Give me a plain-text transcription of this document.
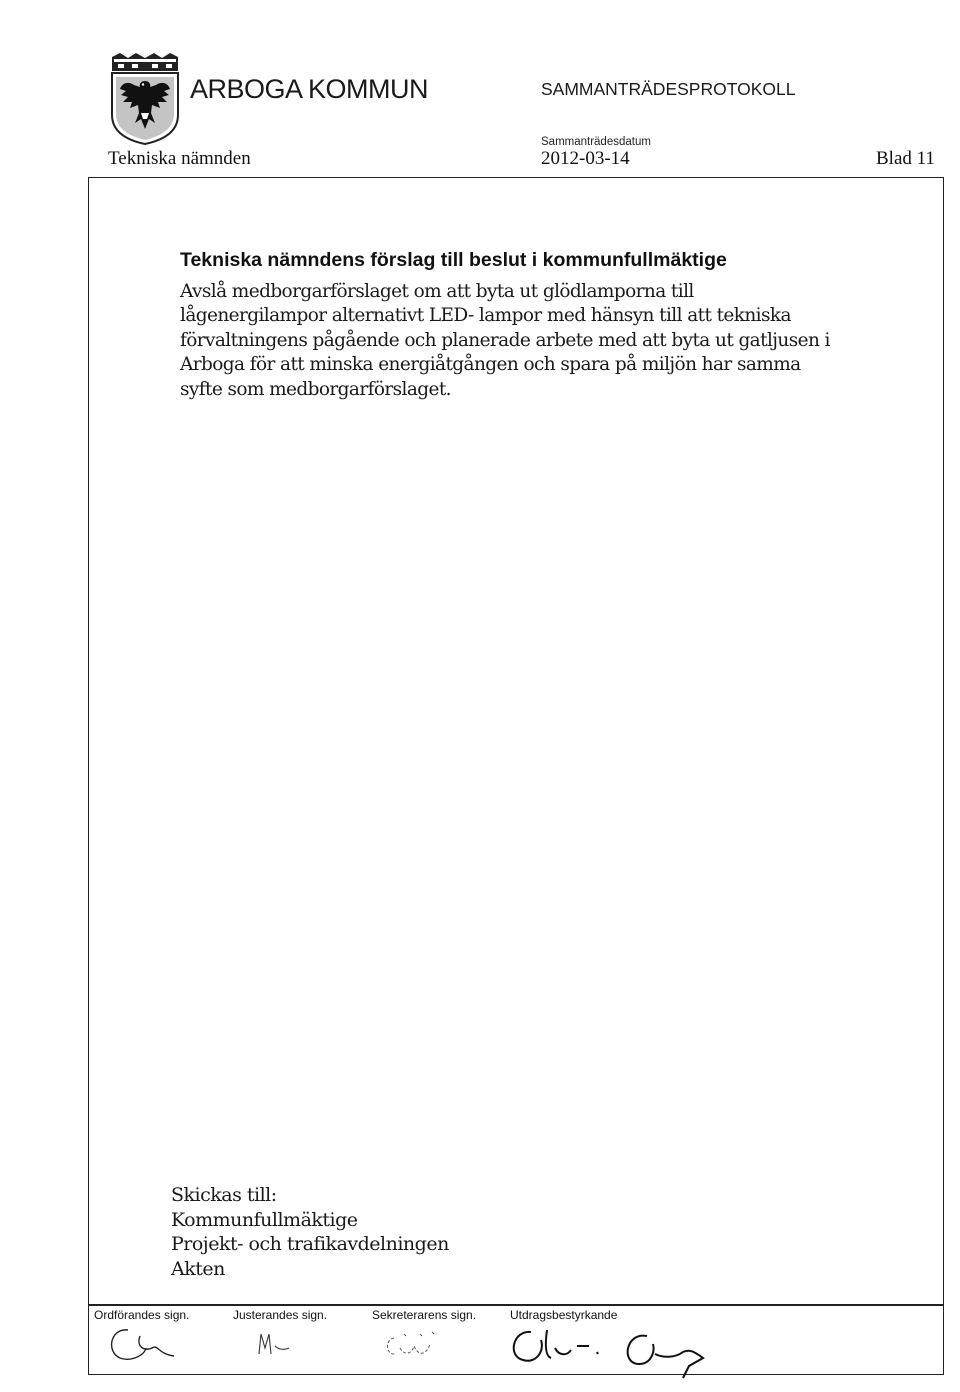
ARBOGA KOMMUN	SAMMANTRÄDESPROTOKOLL
Sammanträdesdatum
Tekniska nämnden	2012-03-14	Blad 11
Tekniska nämndens förslag till beslut i kommunfullmäktige
Avslå medborgarförslaget om att byta ut glödlamporna till
lågenergilampor alternativt LED- lampor med hänsyn till att tekniska
förvaltningens pågående och planerade arbete med att byta ut gatljusen i
Arboga för att minska energiåtgången och spara på miljön har samma
syfte som medborgarförslaget.
Skickas till:
Kommunfullmäktige
Projekt- och trafikavdelningen
Akten
Ordförandes sign.	Justerandes sign.	Sekreterarens sign.	Utdragsbestyrkande
